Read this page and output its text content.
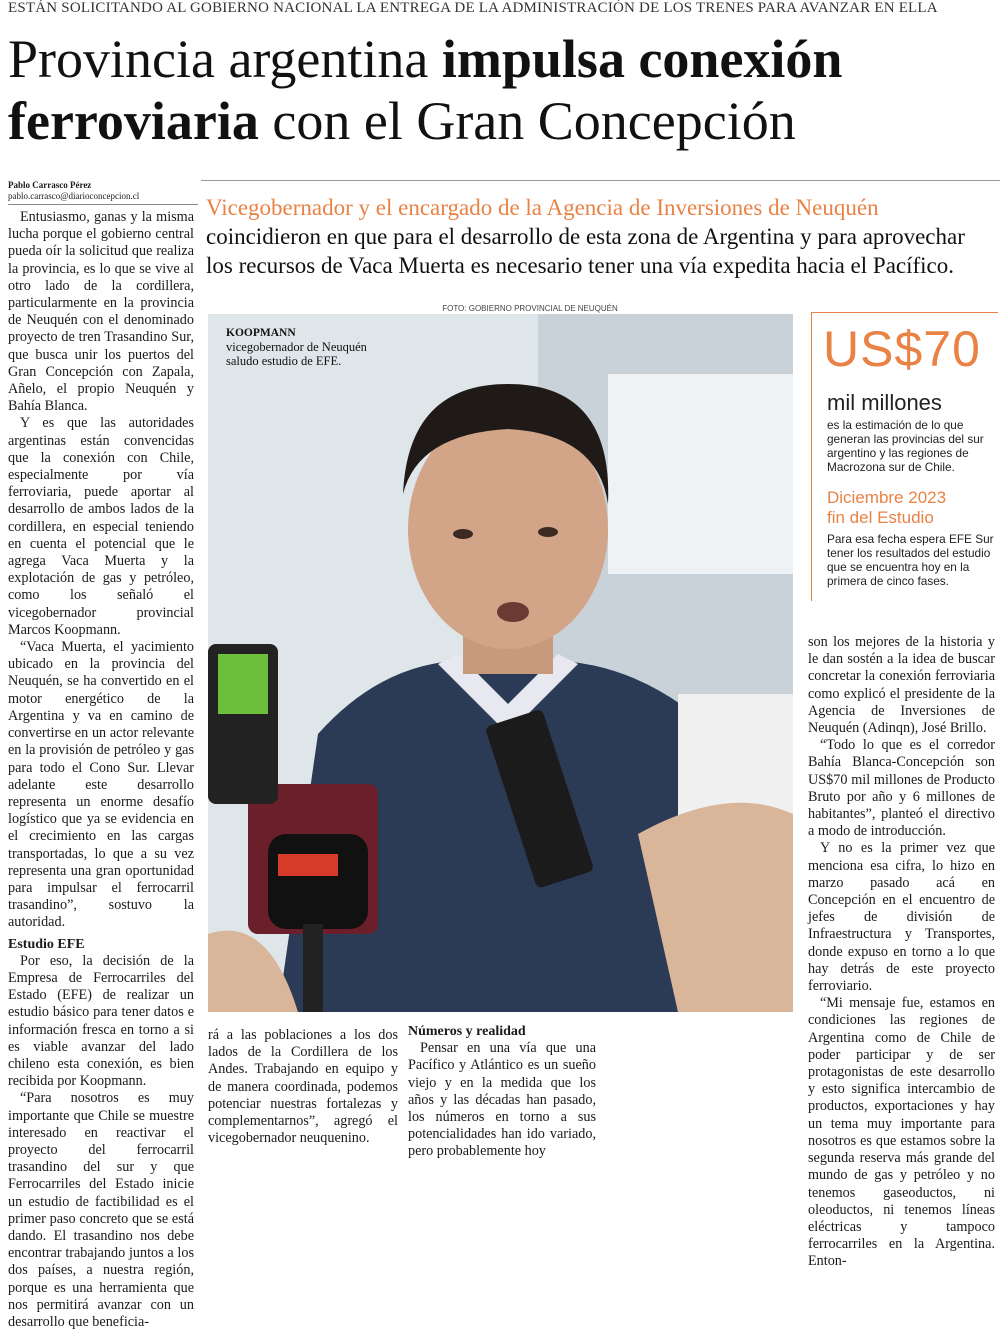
ESTÁN SOLICITANDO AL GOBIERNO NACIONAL LA ENTREGA DE LA ADMINISTRACIÓN DE LOS TRENES PARA AVANZAR EN ELLA
Provincia argentina impulsa conexión
ferroviaria con el Gran Concepción
Pablo Carrasco Pérez
pablo.carrasco@diarioconcepcion.cl	Vicegobernador y el encargado de la Agencia de Inversiones de Neuquén coincidieron en que para el desarrollo de esta zona de Argentina y para aprovechar los recursos de Vaca Muerta es necesario tener una vía expedita hacia el Pacífico.

Entusiasmo, ganas y la misma lucha porque el gobierno central pueda oír la solicitud que realiza la provincia, es lo que se vive al otro lado de la cordillera, particularmente en la provincia de Neuquén con el denominado proyecto de tren Trasandino Sur, que busca unir los puertos del Gran Concepción con Zapala, Añelo, el propio Neuquén y Bahía Blanca.

Y es que las autoridades argentinas están convencidas que la conexión con Chile, especialmente por vía ferroviaria, puede aportar al desarrollo de ambos lados de la cordillera, en especial teniendo en cuenta el potencial que le agrega Vaca Muerta y la explotación de gas y petróleo, como los señaló el vicegobernador provincial Marcos Koopmann.

“Vaca Muerta, el yacimiento ubicado en la provincia del Neuquén, se ha convertido en el motor energético de la Argentina y va en camino de convertirse en un actor relevante en la provisión de petróleo y gas para todo el Cono Sur. Llevar adelante este desarrollo representa un enorme desafío logístico que ya se evidencia en el crecimiento en las cargas transportadas, lo que a su vez representa una gran oportunidad para impulsar el ferrocarril trasandino”, sostuvo la autoridad.

Estudio EFE

Por eso, la decisión de la Empresa de Ferrocarriles del Estado (EFE) de realizar un estudio básico para tener datos e información fresca en torno a si es viable avanzar del lado chileno esta conexión, es bien recibida por Koopmann.

“Para nosotros es muy importante que Chile se muestre interesado en reactivar el proyecto del ferrocarril trasandino del sur y que Ferrocarriles del Estado inicie un estudio de factibilidad es el primer paso concreto que se está dando. El trasandino nos debe encontrar trabajando juntos a los dos países, a nuestra región, porque es una herramienta que nos permitirá avanzar con un desarrollo que beneficia-

FOTO: GOBIERNO PROVINCIAL DE NEUQUÉN
KOOPMANN
vicegobernador de Neuquén saludo estudio de EFE.	US$70
mil millones
es la estimación de lo que generan las provincias del sur argentino y las regiones de Macrozona sur de Chile.
Diciembre 2023
fin del Estudio
Para esa fecha espera EFE Sur tener los resultados del estudio que se encuentra hoy en la primera de cinco fases.

rá a las poblaciones a los dos lados de la Cordillera de los Andes. Trabajando en equipo y de manera coordinada, podemos potenciar nuestras fortalezas y complementarnos”, agregó el vicegobernador neuquenino.

Números y realidad

Pensar en una vía que una Pacífico y Atlántico es un sueño viejo y en la medida que los años y las décadas han pasado, los números en torno a sus potencialidades han ido variado, pero probablemente hoy

son los mejores de la historia y le dan sostén a la idea de buscar concretar la conexión ferroviaria como explicó el presidente de la Agencia de Inversiones de Neuquén (Adinqn), José Brillo.

“Todo lo que es el corredor Bahía Blanca-Concepción son US$70 mil millones de Producto Bruto por año y 6 millones de habitantes”, planteó el directivo a modo de introducción.

Y no es la primer vez que menciona esa cifra, lo hizo en marzo pasado acá en Concepción en el encuentro de jefes de división de Infraestructura y Transportes, donde expuso en torno a lo que hay detrás de este proyecto ferroviario.

“Mi mensaje fue, estamos en condiciones las regiones de Argentina como de Chile de poder participar y de ser protagonistas de este desarrollo y esto significa intercambio de productos, exportaciones y hay un tema muy importante para nosotros es que estamos sobre la segunda reserva más grande del mundo de gas y petróleo y no tenemos gaseoductos, ni oleoductos, ni tenemos líneas eléctricas y tampoco ferrocarriles en la Argentina. Enton-
